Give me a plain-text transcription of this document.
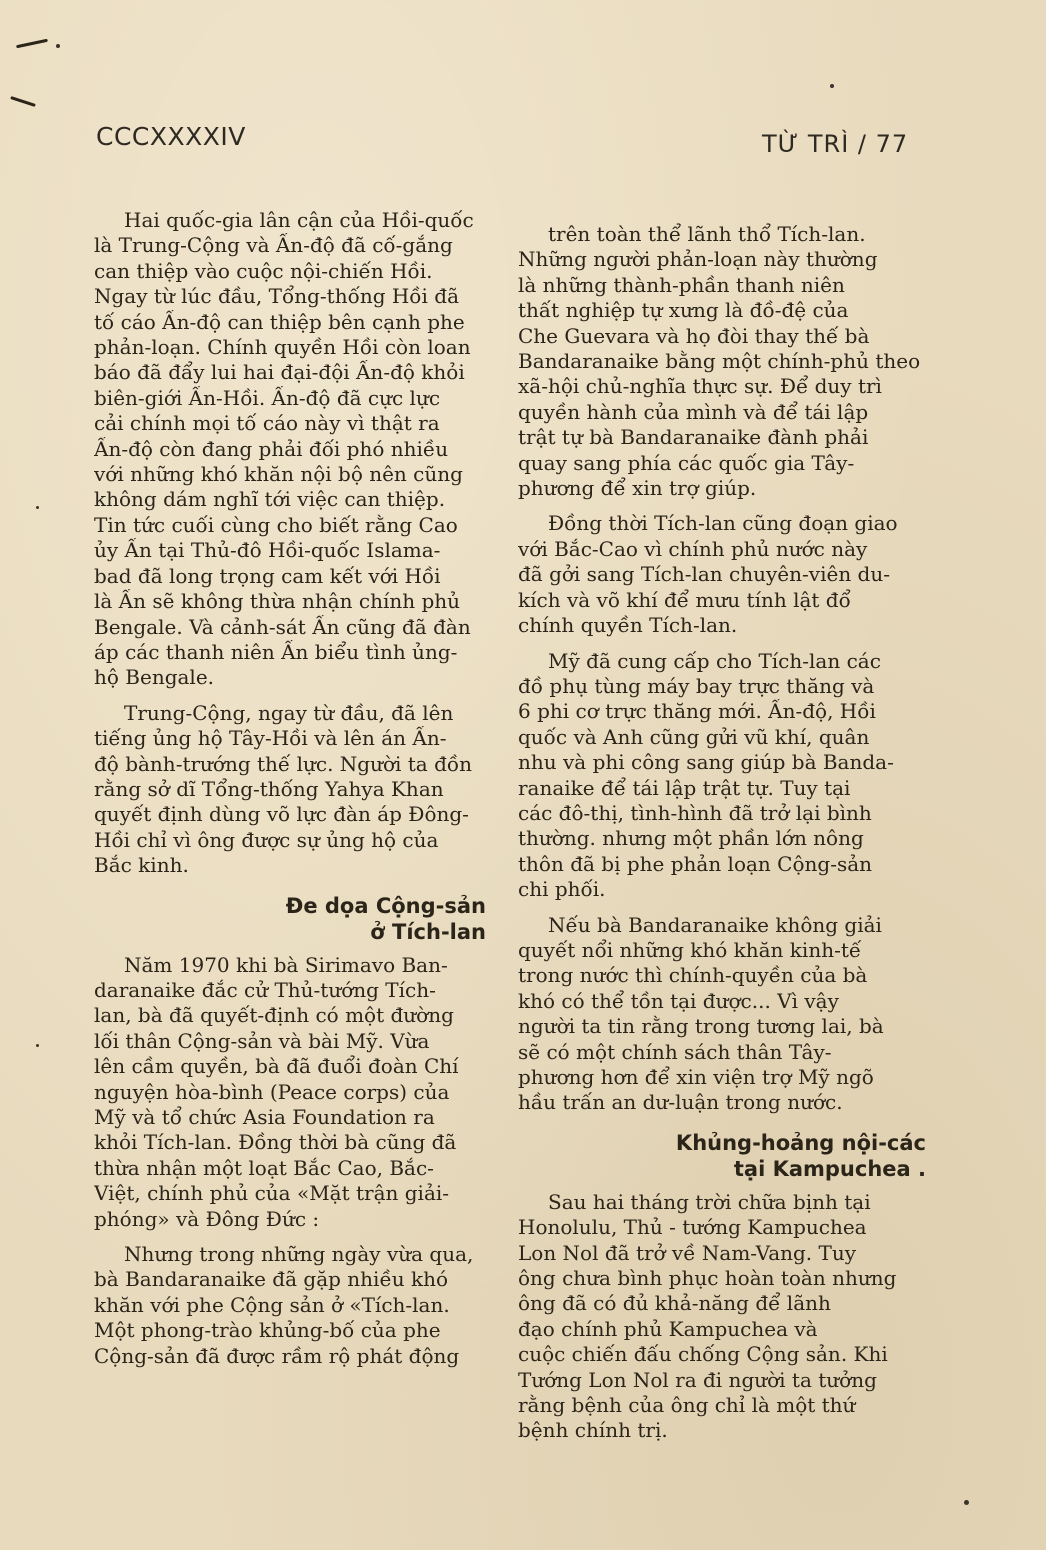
CCCXXXXIV	TỪ TRÌ / 77
Hai quốc-gia lân cận của Hồi-quốc
là Trung-Cộng và Ấn-độ đã cố-gắng
can thiệp vào cuộc nội-chiến Hồi.
Ngay từ lúc đầu, Tổng-thống Hồi đã
tố cáo Ấn-độ can thiệp bên cạnh phe
phản-loạn. Chính quyền Hồi còn loan
báo đã đẩy lui hai đại-đội Ấn-độ khỏi
biên-giới Ấn-Hồi. Ấn-độ đã cực lực
cải chính mọi tố cáo này vì thật ra
Ấn-độ còn đang phải đối phó nhiều
với những khó khăn nội bộ nên cũng
không dám nghĩ tới việc can thiệp.
Tin tức cuối cùng cho biết rằng Cao
ủy Ấn tại Thủ-đô Hồi-quốc Islama-
bad đã long trọng cam kết với Hồi
là Ấn sẽ không thừa nhận chính phủ
Bengale. Và cảnh-sát Ấn cũng đã đàn
áp các thanh niên Ấn biểu tình ủng-
hộ Bengale.
Trung-Cộng, ngay từ đầu, đã lên
tiếng ủng hộ Tây-Hồi và lên án Ấn-
độ bành-trướng thế lực. Người ta đồn
rằng sở dĩ Tổng-thống Yahya Khan
quyết định dùng võ lực đàn áp Đông-
Hồi chỉ vì ông được sự ủng hộ của
Bắc kinh.
Đe dọa Cộng-sản
ở Tích-lan
Năm 1970 khi bà Sirimavo Ban-
daranaike đắc cử Thủ-tướng Tích-
lan, bà đã quyết-định có một đường
lối thân Cộng-sản và bài Mỹ. Vừa
lên cầm quyền, bà đã đuổi đoàn Chí
nguyện hòa-bình (Peace corps) của
Mỹ và tổ chức Asia Foundation ra
khỏi Tích-lan. Đồng thời bà cũng đã
thừa nhận một loạt Bắc Cao, Bắc-
Việt, chính phủ của «Mặt trận giải-
phóng» và Đông Đức :
Nhưng trong những ngày vừa qua,
bà Bandaranaike đã gặp nhiều khó
khăn với phe Cộng sản ở «Tích-lan.
Một phong-trào khủng-bố của phe
Cộng-sản đã được rầm rộ phát động
trên toàn thể lãnh thổ Tích-lan.
Những người phản-loạn này thường
là những thành-phần thanh niên
thất nghiệp tự xưng là đồ-đệ của
Che Guevara và họ đòi thay thế bà
Bandaranaike bằng một chính-phủ theo
xã-hội chủ-nghĩa thực sự. Để duy trì
quyền hành của mình và để tái lập
trật tự bà Bandaranaike đành phải
quay sang phía các quốc gia Tây-
phương để xin trợ giúp.
Đồng thời Tích-lan cũng đoạn giao
với Bắc-Cao vì chính phủ nước này
đã gởi sang Tích-lan chuyên-viên du-
kích và võ khí để mưu tính lật đổ
chính quyền Tích-lan.
Mỹ đã cung cấp cho Tích-lan các
đồ phụ tùng máy bay trực thăng và
6 phi cơ trực thăng mới. Ấn-độ, Hồi
quốc và Anh cũng gửi vũ khí, quân
nhu và phi công sang giúp bà Banda-
ranaike để tái lập trật tự. Tuy tại
các đô-thị, tình-hình đã trở lại bình
thường. nhưng một phần lớn nông
thôn đã bị phe phản loạn Cộng-sản
chi phối.
Nếu bà Bandaranaike không giải
quyết nổi những khó khăn kinh-tế
trong nước thì chính-quyền của bà
khó có thể tồn tại được... Vì vậy
người ta tin rằng trong tương lai, bà
sẽ có một chính sách thân Tây-
phương hơn để xin viện trợ Mỹ ngõ
hầu trấn an dư-luận trong nước.
Khủng-hoảng nội-các
tại Kampuchea .
Sau hai tháng trời chữa bịnh tại
Honolulu, Thủ - tướng Kampuchea
Lon Nol đã trở về Nam-Vang. Tuy
ông chưa bình phục hoàn toàn nhưng
ông đã có đủ khả-năng để lãnh
đạo chính phủ Kampuchea và
cuộc chiến đấu chống Cộng sản. Khi
Tướng Lon Nol ra đi người ta tưởng
rằng bệnh của ông chỉ là một thứ
bệnh chính trị.
